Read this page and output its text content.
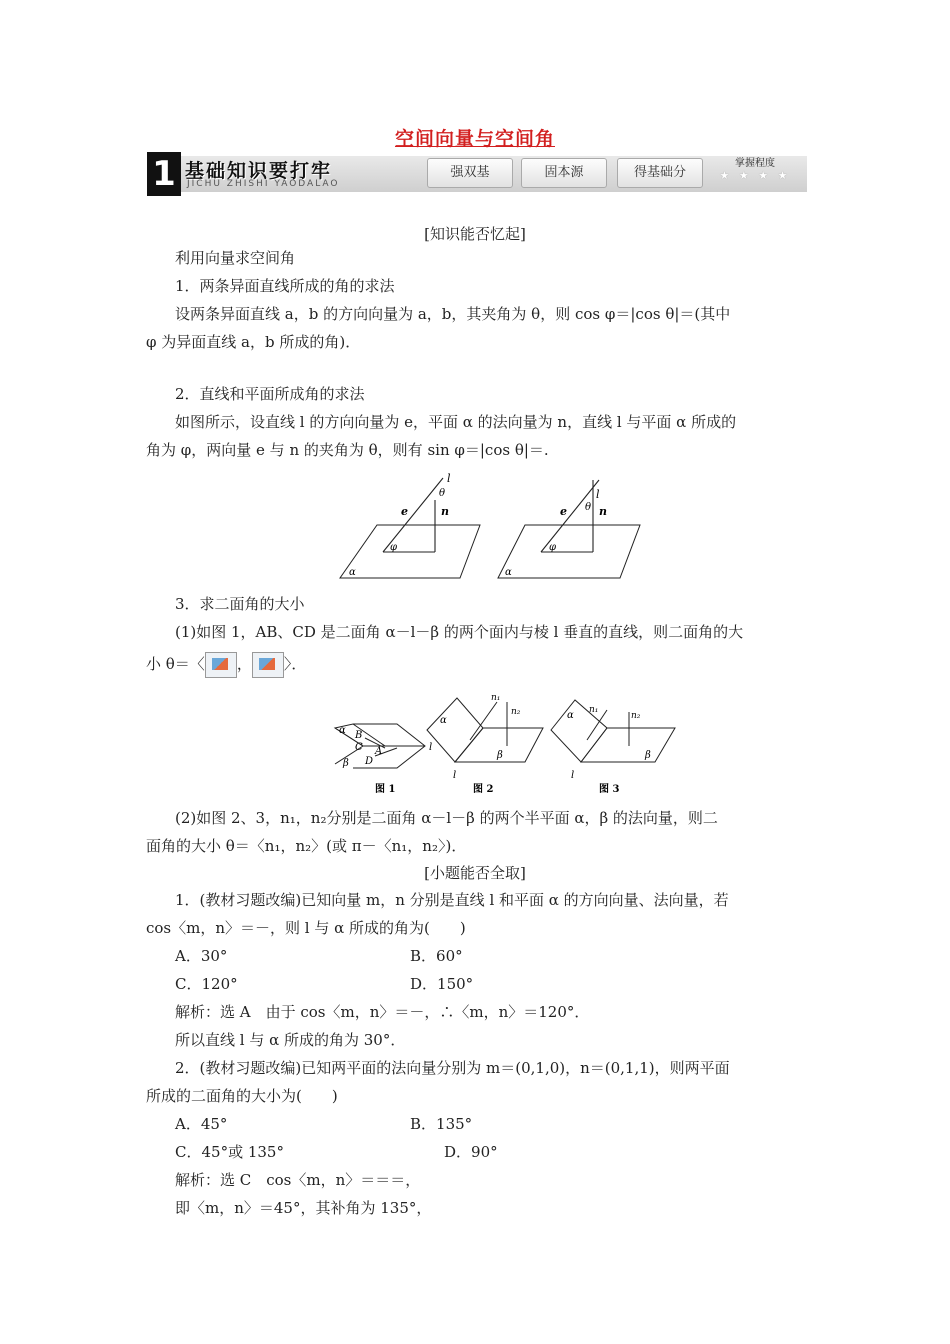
空间向量与空间角
1 基础知识要打牢
JICHU ZHISHI YAODALAO
强双基	固本源	得基础分
掌握程度
★ ★ ★ ★
[知识能否忆起]
利用向量求空间角
1．两条异面直线所成的角的求法
设两条异面直线 a，b 的方向向量为 a，b，其夹角为 θ，则 cos φ＝|cos θ|＝(其中
φ 为异面直线 a，b 所成的角)．
2．直线和平面所成角的求法
如图所示，设直线 l 的方向向量为 e，平面 α 的法向量为 n，直线 l 与平面 α 所成的
角为 φ，两向量 e 与 n 的夹角为 θ，则有 sin φ＝|cos θ|＝.
l
θ
e	n
φ
α
l
θ
e	n
φ
α
3．求二面角的大小
(1)如图 1，AB、CD 是二面角 α－l－β 的两个面内与棱 l 垂直的直线，则二面角的大
小 θ＝〈 ， 〉．
α B
C A
D
β
l
图 1
α
n₁
n₂
β
l
图 2
α n₁
n₂
β
l
图 3
(2)如图 2、3，n₁，n₂分别是二面角 α－l－β 的两个半平面 α，β 的法向量，则二
面角的大小 θ＝〈n₁，n₂〉(或 π－〈n₁，n₂〉)．
[小题能否全取]
1．(教材习题改编)已知向量 m，n 分别是直线 l 和平面 α 的方向向量、法向量，若
cos〈m，n〉＝－，则 l 与 α 所成的角为(　　)
A．30°	B．60°
C．120°	D．150°
解析：选 A　由于 cos〈m，n〉＝－，∴〈m，n〉＝120°．
所以直线 l 与 α 所成的角为 30°．
2．(教材习题改编)已知两平面的法向量分别为 m＝(0,1,0)，n＝(0,1,1)，则两平面
所成的二面角的大小为(　　)
A．45°	B．135°
C．45°或 135°	D．90°
解析：选 C　cos〈m，n〉＝＝＝，
即〈m，n〉＝45°，其补角为 135°，
